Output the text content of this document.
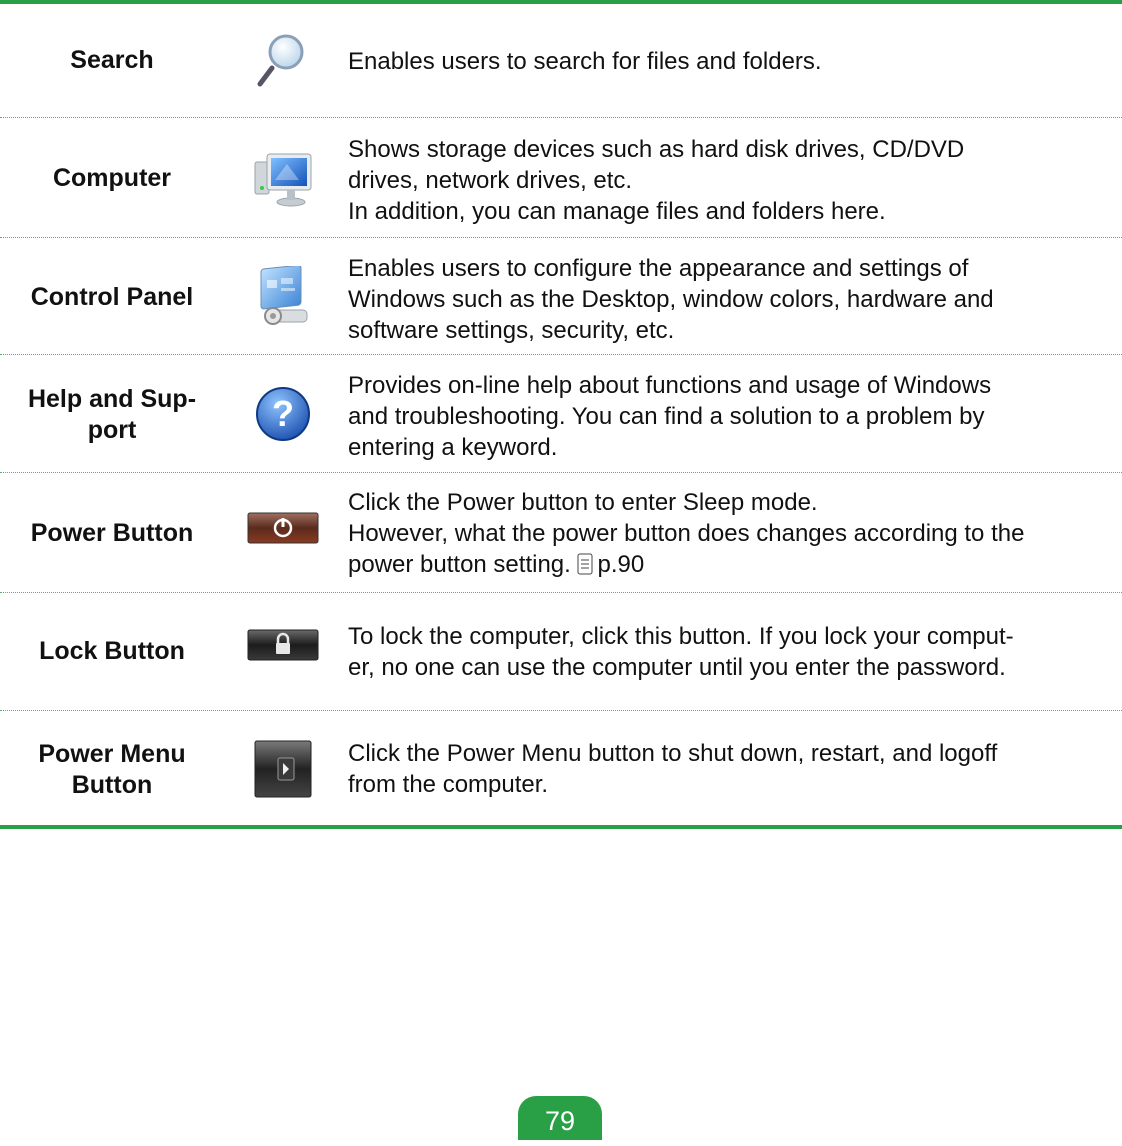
Search	Enables users to search for files and folders.
Computer
Shows storage devices such as hard disk drives, CD/DVD
drives, network drives, etc.
In addition, you can manage files and folders here.
Control Panel
Enables users to configure the appearance and settings of
Windows such as the Desktop, window colors, hardware and
software settings, security, etc.
Help and Sup-
port	?
Provides on-line help about functions and usage of Windows
and troubleshooting. You can find a solution to a problem by
entering a keyword.
Power Button
Click the Power button to enter Sleep mode.
However, what the power button does changes according to the
power button setting. p.90
Lock Button
To lock the computer, click this button. If you lock your comput-
er, no one can use the computer until you enter the password.
Power Menu
Button
Click the Power Menu button to shut down, restart, and logoff
from the computer.
79
